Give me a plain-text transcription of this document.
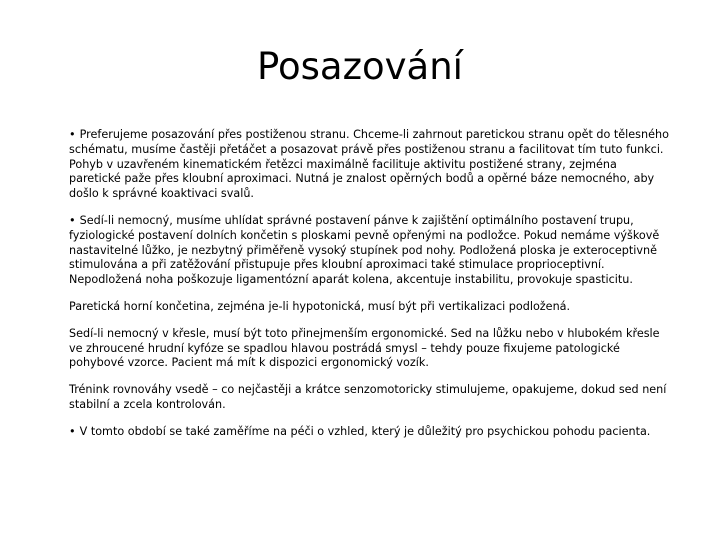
Posazování

• Preferujeme posazování přes postiženou stranu. Chceme-li zahrnout paretickou stranu opět do tělesného schématu, musíme častěji přetáčet a posazovat právě přes postiženou stranu a facilitovat tím tuto funkci. Pohyb v uzavřeném kinematickém řetězci maximálně facilituje aktivitu postižené strany, zejména paretické paže přes kloubní aproximaci. Nutná je znalost opěrných bodů a opěrné báze nemocného, aby došlo k správné koaktivaci svalů.

• Sedí-li nemocný, musíme uhlídat správné postavení pánve k zajištění optimálního postavení trupu, fyziologické postavení dolních končetin s ploskami pevně opřenými na podložce. Pokud nemáme výškově nastavitelné lůžko, je nezbytný přiměřeně vysoký stupínek pod nohy. Podložená ploska je exteroceptivně stimulována a při zatěžování přistupuje přes kloubní aproximaci také stimulace proprioceptivní. Nepodložená noha poškozuje ligamentózní aparát kolena, akcentuje instabilitu, provokuje spasticitu.

Paretická horní končetina, zejména je-li hypotonická, musí být při vertikalizaci podložená.

Sedí-li nemocný v křesle, musí být toto přinejmenším ergonomické. Sed na lůžku nebo v hlubokém křesle ve zhroucené hrudní kyfóze se spadlou hlavou postrádá smysl – tehdy pouze fixujeme patologické pohybové vzorce. Pacient má mít k dispozici ergonomický vozík.

Trénink rovnováhy vsedě – co nejčastěji a krátce senzomotoricky stimulujeme, opakujeme, dokud sed není stabilní a zcela kontrolován.

• V tomto období se také zaměříme na péči o vzhled, který je důležitý pro psychickou pohodu pacienta.
